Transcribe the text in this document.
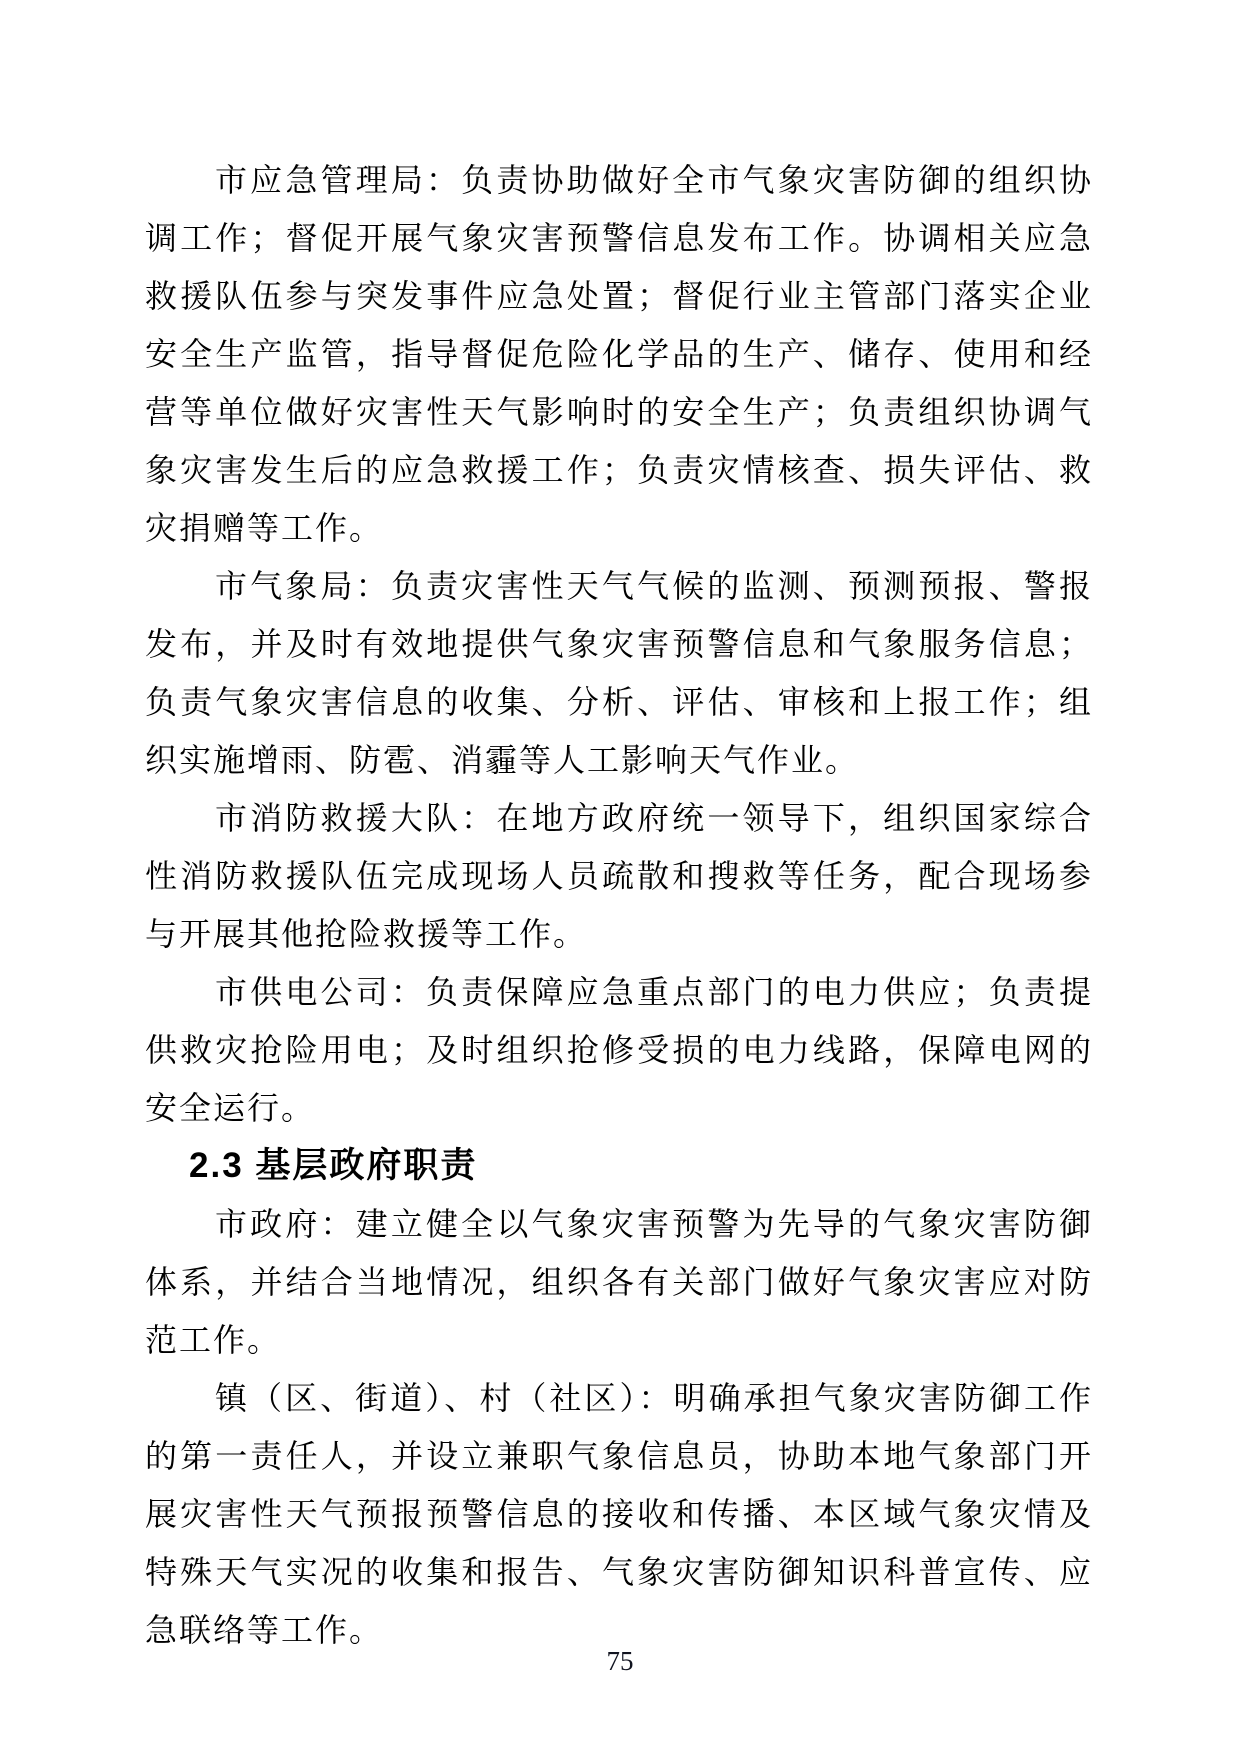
市应急管理局：负责协助做好全市气象灾害防御的组织协调工作；督促开展气象灾害预警信息发布工作。协调相关应急救援队伍参与突发事件应急处置；督促行业主管部门落实企业安全生产监管，指导督促危险化学品的生产、储存、使用和经营等单位做好灾害性天气影响时的安全生产；负责组织协调气象灾害发生后的应急救援工作；负责灾情核查、损失评估、救灾捐赠等工作。

市气象局：负责灾害性天气气候的监测、预测预报、警报发布，并及时有效地提供气象灾害预警信息和气象服务信息；负责气象灾害信息的收集、分析、评估、审核和上报工作；组织实施增雨、防雹、消霾等人工影响天气作业。

市消防救援大队：在地方政府统一领导下，组织国家综合性消防救援队伍完成现场人员疏散和搜救等任务，配合现场参与开展其他抢险救援等工作。

市供电公司：负责保障应急重点部门的电力供应；负责提供救灾抢险用电；及时组织抢修受损的电力线路，保障电网的安全运行。

2.3 基层政府职责

市政府：建立健全以气象灾害预警为先导的气象灾害防御体系，并结合当地情况，组织各有关部门做好气象灾害应对防范工作。

镇（区、街道）、村（社区）：明确承担气象灾害防御工作的第一责任人，并设立兼职气象信息员，协助本地气象部门开展灾害性天气预报预警信息的接收和传播、本区域气象灾情及特殊天气实况的收集和报告、气象灾害防御知识科普宣传、应急联络等工作。

75
